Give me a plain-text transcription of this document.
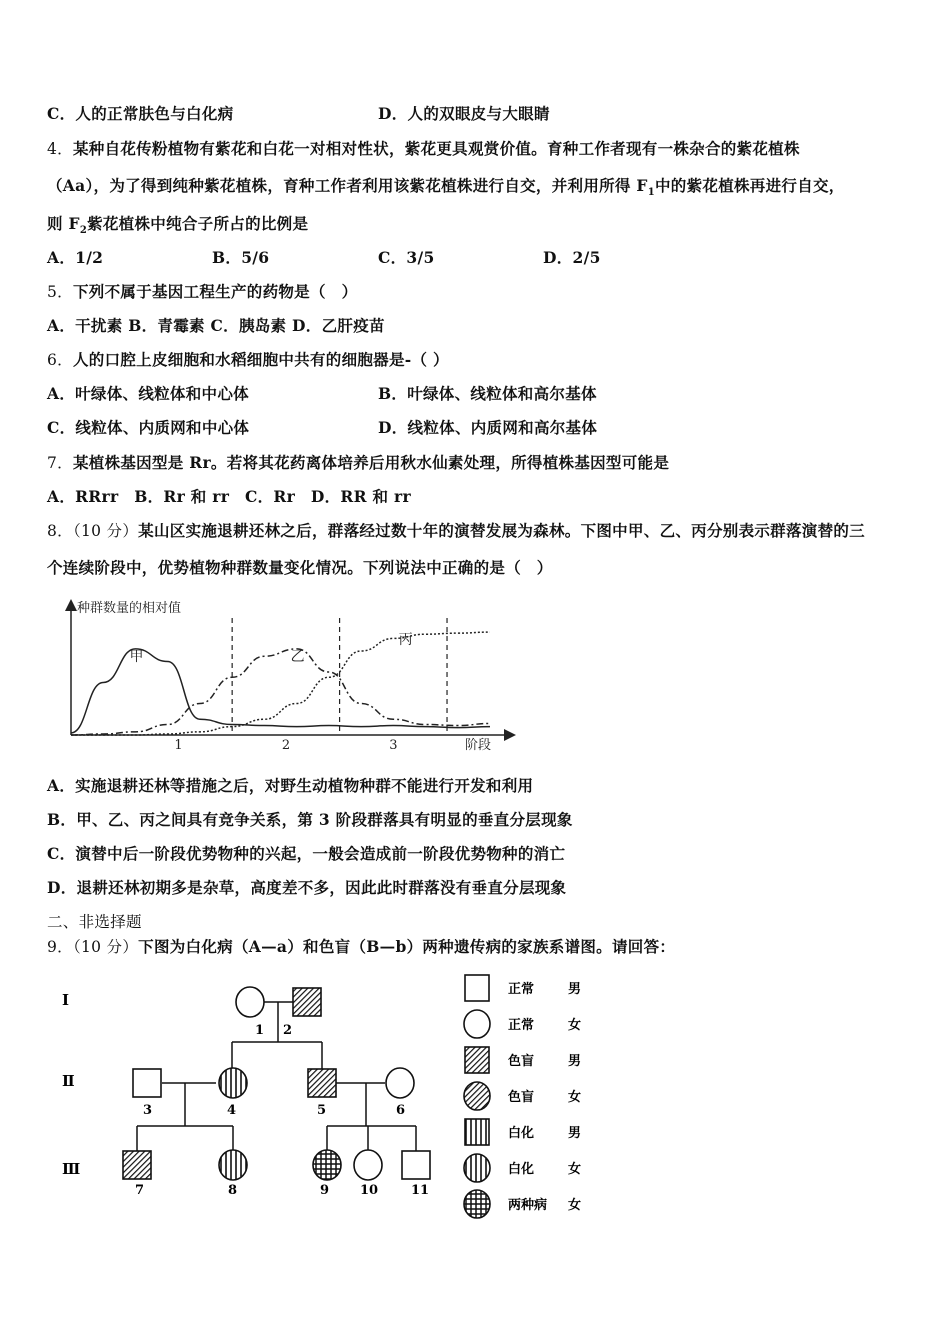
C．人的正常肤色与白化病	D．人的双眼皮与大眼睛
4．某种自花传粉植物有紫花和白花一对相对性状，紫花更具观赏价值。育种工作者现有一株杂合的紫花植株
（Aa），为了得到纯种紫花植株，育种工作者利用该紫花植株进行自交，并利用所得 $F_1$中的紫花植株再进行自交，
则 $F_2$紫花植株中纯合子所占的比例是
A．1/2	B．5/6	C．3/5	D．2/5
5．下列不属于基因工程生产的药物是（　）
A．干扰素 B．青霉素 C．胰岛素 D．乙肝疫苗
6．人的口腔上皮细胞和水稻细胞中共有的细胞器是-（ ）
A．叶绿体、线粒体和中心体	B．叶绿体、线粒体和高尔基体
C．线粒体、内质网和中心体	D．线粒体、内质网和高尔基体
7．某植株基因型是 Rr。若将其花药离体培养后用秋水仙素处理，所得植株基因型可能是
A．RRrr　B．Rr 和 rr　C．Rr　D．RR 和 rr
8．（10 分）某山区实施退耕还林之后，群落经过数十年的演替发展为森林。下图中甲、乙、丙分别表示群落演替的三
个连续阶段中，优势植物种群数量变化情况。下列说法中正确的是（　）
种群数量的相对值
阶段
1	2	3
甲	乙
丙
A．实施退耕还林等措施之后，对野生动植物种群不能进行开发和利用
B．甲、乙、丙之间具有竞争关系，第 3 阶段群落具有明显的垂直分层现象
C．演替中后一阶段优势物种的兴起，一般会造成前一阶段优势物种的消亡
D．退耕还林初期多是杂草，高度差不多，因此此时群落没有垂直分层现象
二、非选择题
9．（10 分）下图为白化病（A—a）和色盲（B—b）两种遗传病的家族系谱图。请回答：
Ⅰ
Ⅱ
Ⅲ
1 2
3	4	5	6
7	8	9 10	11
正常	男
正常	女
色盲	男
色盲	女
白化	男
白化	女
两种病 女
